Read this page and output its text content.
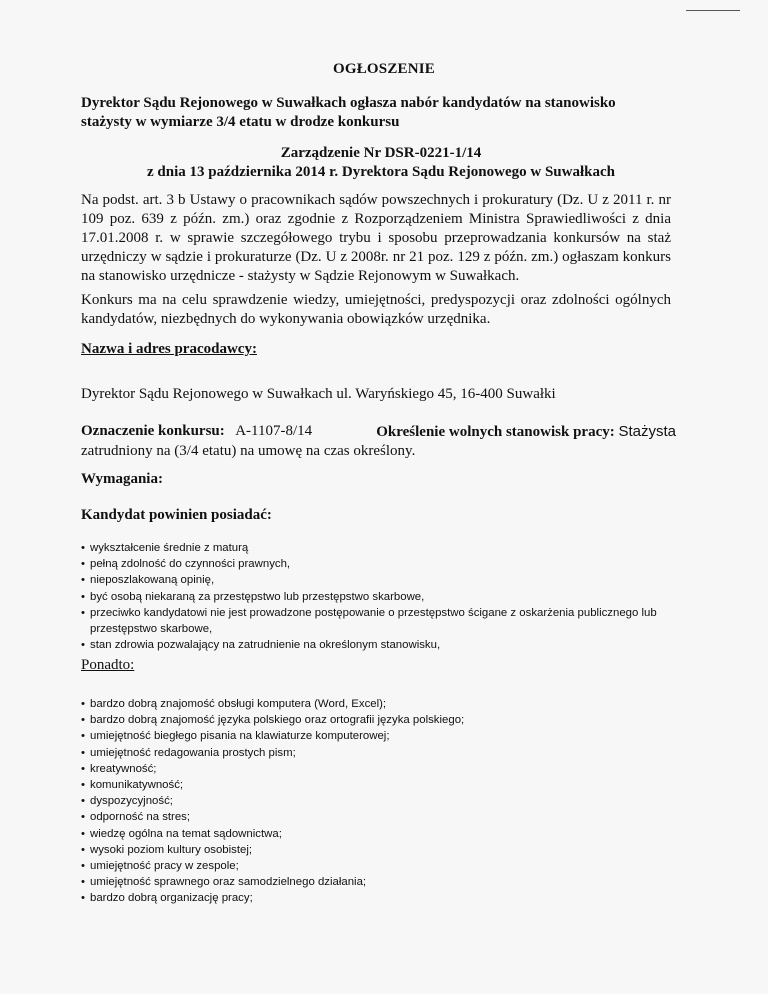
OGŁOSZENIE
Dyrektor Sądu Rejonowego w Suwałkach ogłasza nabór kandydatów na stanowisko stażysty w wymiarze 3/4 etatu w drodze konkursu
Zarządzenie Nr DSR-0221-1/14
z dnia 13 października 2014 r. Dyrektora Sądu Rejonowego w Suwałkach
Na podst. art. 3 b Ustawy o pracownikach sądów powszechnych i prokuratury (Dz. U z 2011 r. nr 109 poz. 639 z późn. zm.) oraz zgodnie z Rozporządzeniem Ministra Sprawiedliwości z dnia 17.01.2008 r. w sprawie szczegółowego trybu i sposobu przeprowadzania konkursów na staż urzędniczy w sądzie i prokuraturze (Dz. U z 2008r. nr 21 poz. 129 z późn. zm.) ogłaszam konkurs na stanowisko urzędnicze - stażysty w Sądzie Rejonowym w Suwałkach.
Konkurs ma na celu sprawdzenie wiedzy, umiejętności, predyspozycji oraz zdolności ogólnych kandydatów, niezbędnych do wykonywania obowiązków urzędnika.
Nazwa i adres pracodawcy:
Dyrektor Sądu Rejonowego w Suwałkach ul. Waryńskiego 45, 16-400 Suwałki
Oznaczenie konkursu: A-1107-8/14	Określenie wolnych stanowisk pracy: Stażysta
zatrudniony na (3/4 etatu) na umowę na czas określony.
Wymagania:
Kandydat powinien posiadać:
• wykształcenie średnie z maturą
• pełną zdolność do czynności prawnych,
• nieposzlakowaną opinię,
• być osobą niekaraną za przestępstwo lub przestępstwo skarbowe,
• przeciwko kandydatowi nie jest prowadzone postępowanie o przestępstwo ścigane z oskarżenia publicznego lub przestępstwo skarbowe,
• stan zdrowia pozwalający na zatrudnienie na określonym stanowisku,
Ponadto:
• bardzo dobrą znajomość obsługi komputera (Word, Excel);
• bardzo dobrą znajomość języka polskiego oraz ortografii języka polskiego;
• umiejętność biegłego pisania na klawiaturze komputerowej;
• umiejętność redagowania prostych pism;
• kreatywność;
• komunikatywność;
• dyspozycyjność;
• odporność na stres;
• wiedzę ogólna na temat sądownictwa;
• wysoki poziom kultury osobistej;
• umiejętność pracy w zespole;
• umiejętność sprawnego oraz samodzielnego działania;
• bardzo dobrą organizację pracy;
